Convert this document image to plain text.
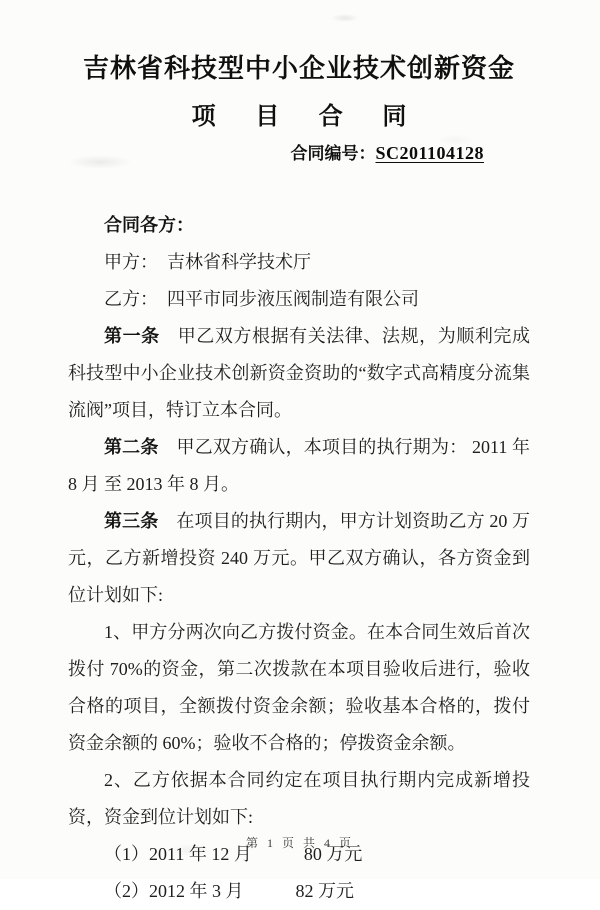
吉林省科技型中小企业技术创新资金
项 目 合 同

合同编号：SC201104128

合同各方：

甲方： 吉林省科学技术厅

乙方： 四平市同步液压阀制造有限公司

第一条 甲乙双方根据有关法律、法规，为顺利完成科技型中小企业技术创新资金资助的“数字式高精度分流集流阀”项目，特订立本合同。

第二条 甲乙双方确认，本项目的执行期为： 2011 年 8 月 至 2013 年 8 月。

第三条 在项目的执行期内，甲方计划资助乙方 20 万元，乙方新增投资 240 万元。甲乙双方确认，各方资金到位计划如下:

1、甲方分两次向乙方拨付资金。在本合同生效后首次拨付 70%的资金，第二次拨款在本项目验收后进行，验收合格的项目，全额拨付资金余额；验收基本合格的，拨付资金余额的 60%；验收不合格的；停拨资金余额。

2、乙方依据本合同约定在项目执行期内完成新增投资，资金到位计划如下:

（1）2011 年 12 月	80 万元

（2）2012 年 3 月	82 万元

第 1 页 共 4 页
